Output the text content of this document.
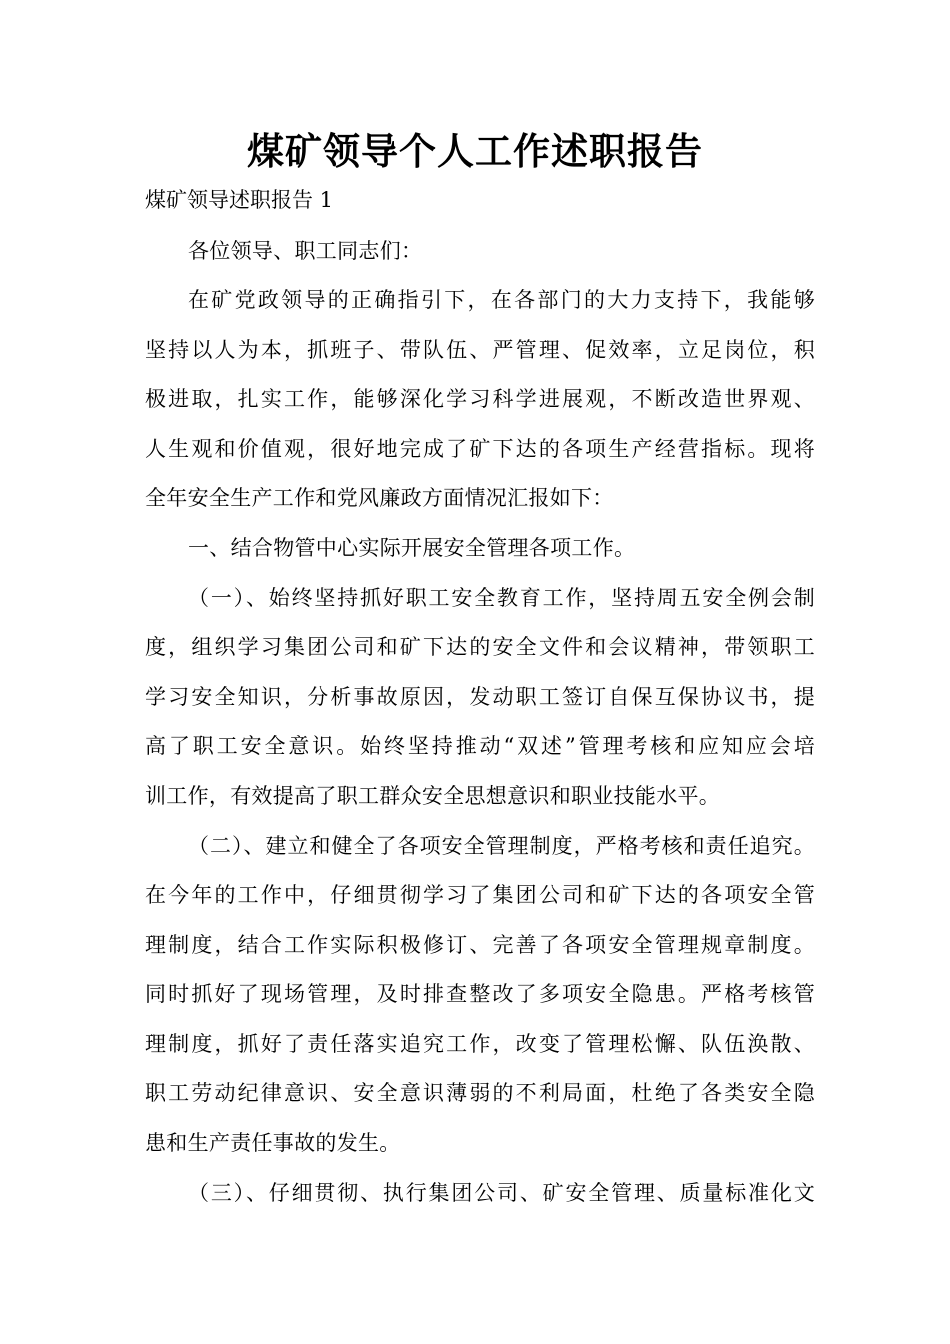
煤矿领导个人工作述职报告
煤矿领导述职报告 1
各位领导、职工同志们：
在矿党政领导的正确指引下，在各部门的大力支持下，我能够
坚持以人为本，抓班子、带队伍、严管理、促效率，立足岗位，积
极进取，扎实工作，能够深化学习科学进展观，不断改造世界观、
人生观和价值观，很好地完成了矿下达的各项生产经营指标。现将
全年安全生产工作和党风廉政方面情况汇报如下：
一、结合物管中心实际开展安全管理各项工作。
（一）、始终坚持抓好职工安全教育工作，坚持周五安全例会制
度，组织学习集团公司和矿下达的安全文件和会议精神，带领职工
学习安全知识，分析事故原因，发动职工签订自保互保协议书，提
高了职工安全意识。始终坚持推动“双述”管理考核和应知应会培
训工作，有效提高了职工群众安全思想意识和职业技能水平。
（二）、建立和健全了各项安全管理制度，严格考核和责任追究。
在今年的工作中，仔细贯彻学习了集团公司和矿下达的各项安全管
理制度，结合工作实际积极修订、完善了各项安全管理规章制度。
同时抓好了现场管理，及时排查整改了多项安全隐患。严格考核管
理制度，抓好了责任落实追究工作，改变了管理松懈、队伍涣散、
职工劳动纪律意识、安全意识薄弱的不利局面，杜绝了各类安全隐
患和生产责任事故的发生。
（三）、仔细贯彻、执行集团公司、矿安全管理、质量标准化文
